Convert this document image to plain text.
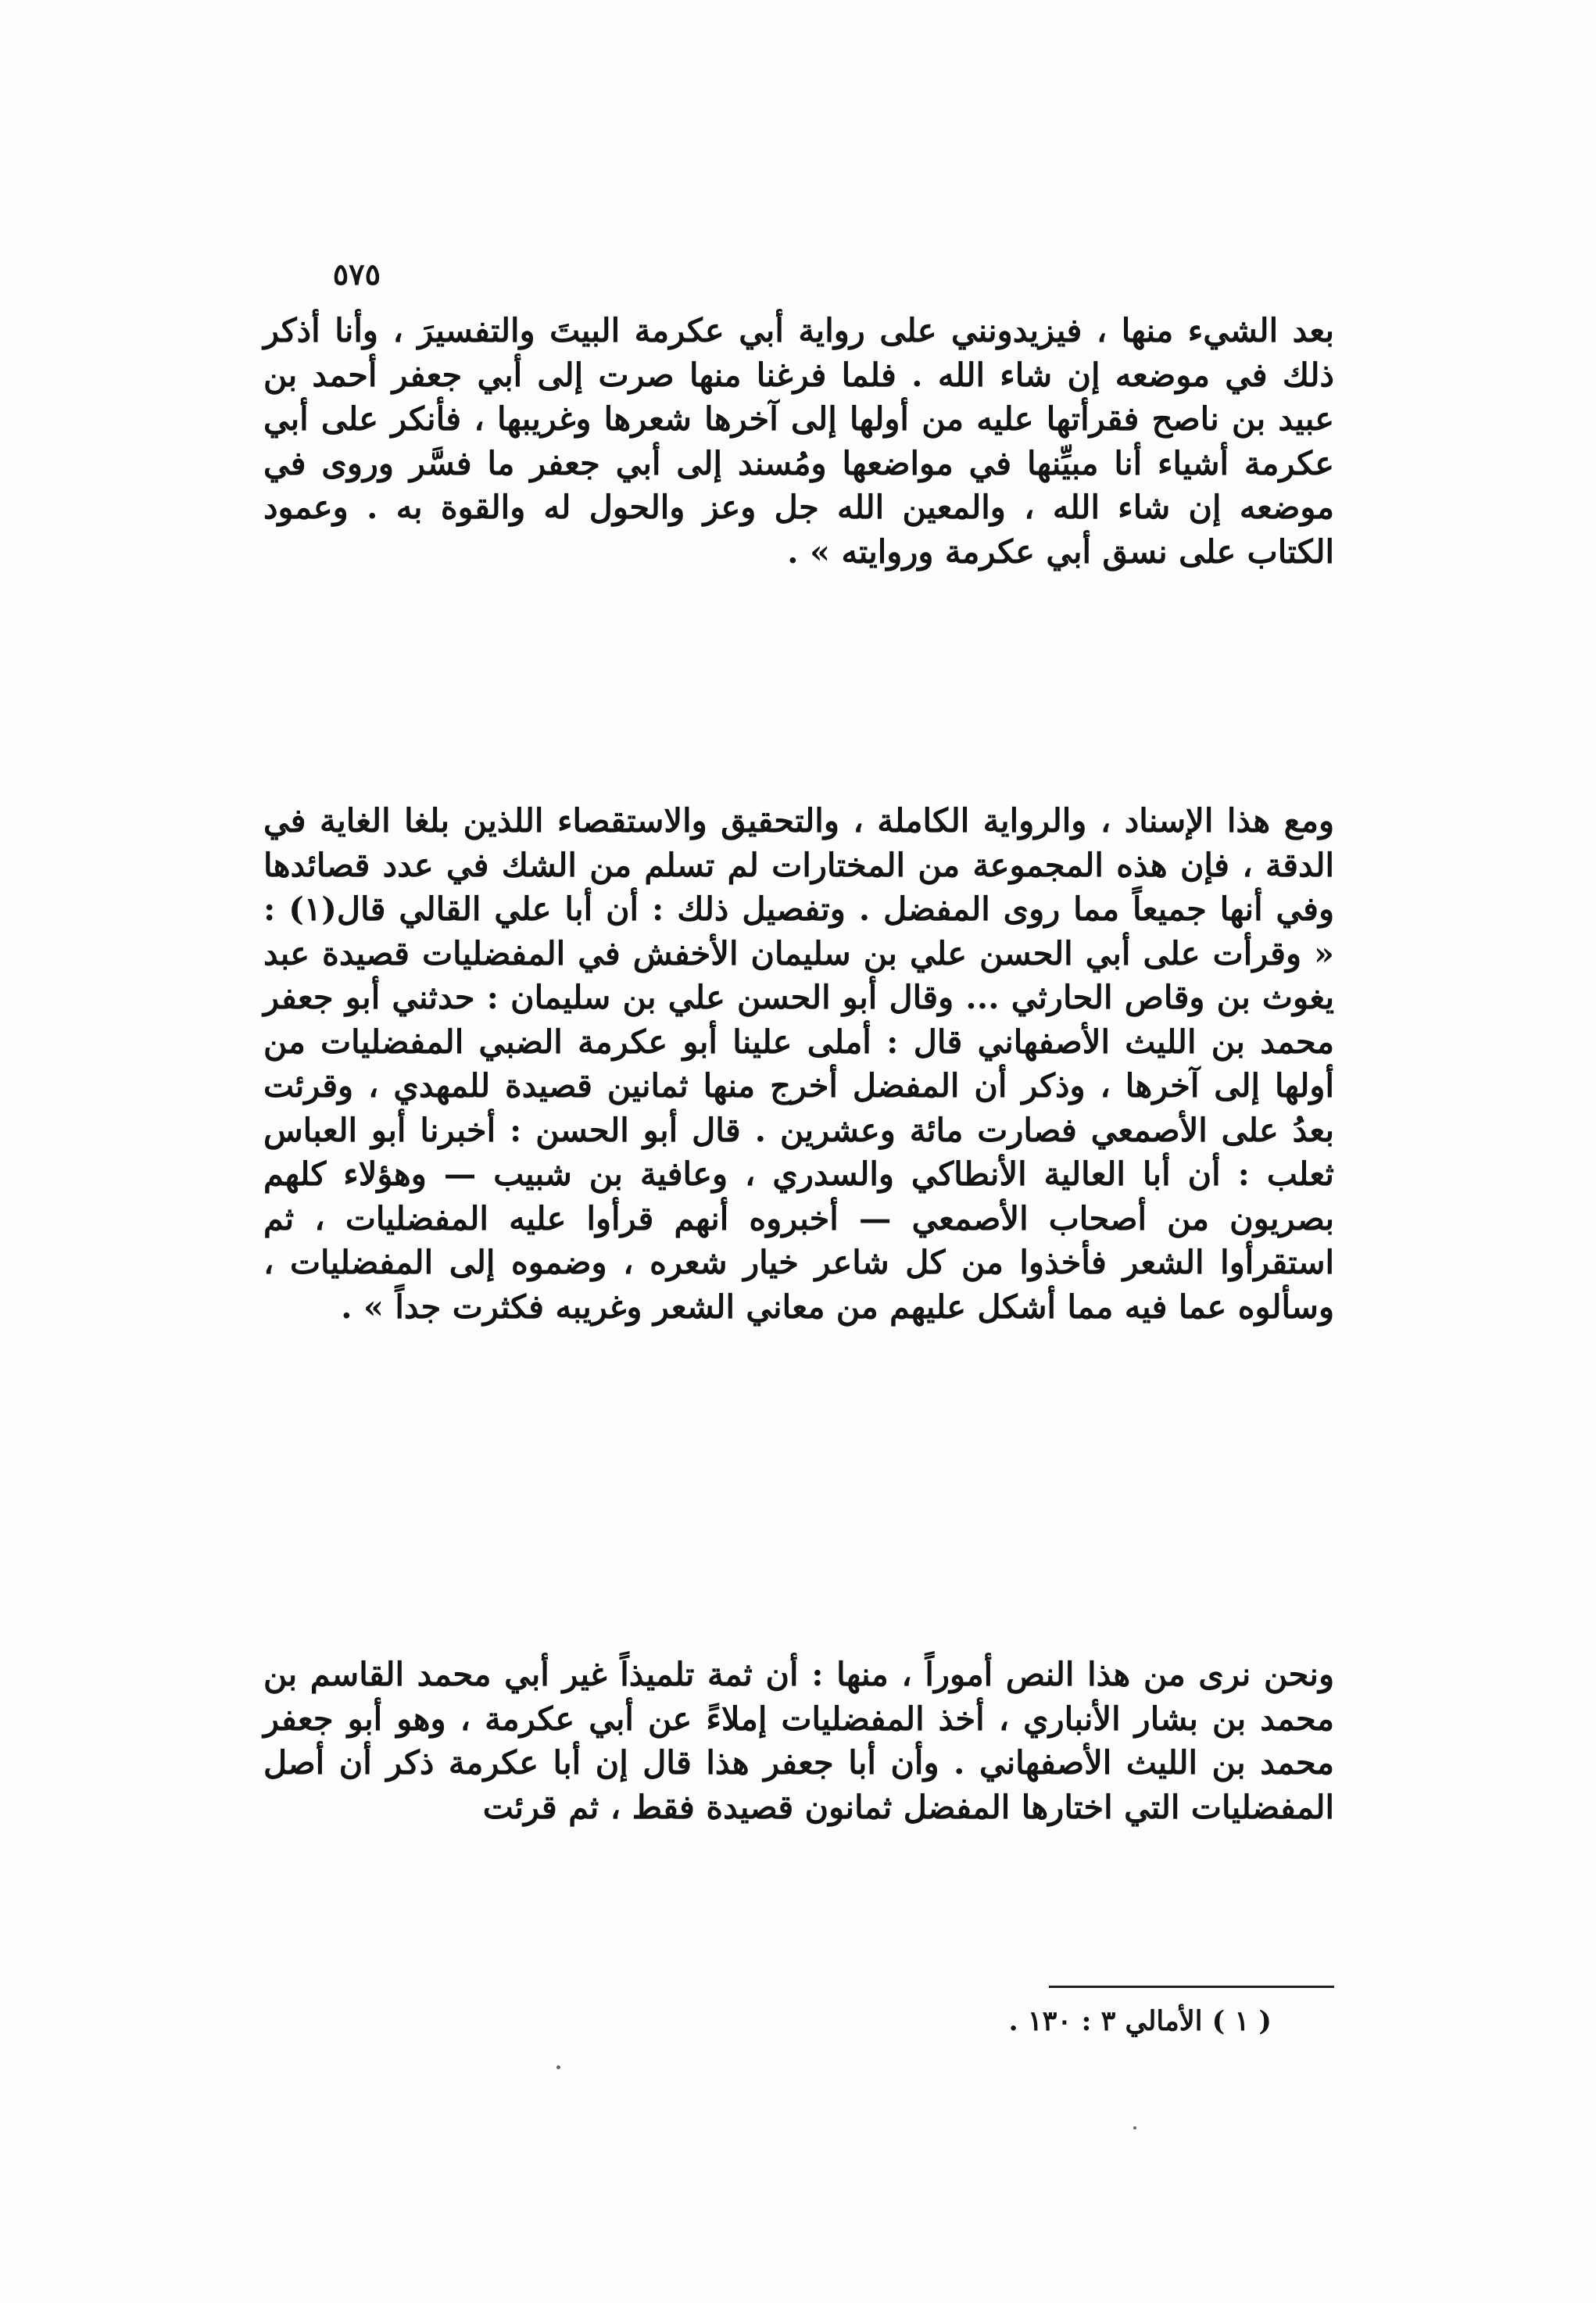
٥٧٥

بعد الشيء منها ، فيزيدونني على رواية أبي عكرمة البيتَ والتفسيرَ ، وأنا أذكر ذلك في موضعه إن شاء الله . فلما فرغنا منها صرت إلى أبي جعفر أحمد بن عبيد بن ناصح فقرأتها عليه من أولها إلى آخرها شعرها وغريبها ، فأنكر على أبي عكرمة أشياء أنا مبيِّنها في مواضعها ومُسند إلى أبي جعفر ما فسَّر وروى في موضعه إن شاء الله ، والمعين الله جل وعز والحول له والقوة به . وعمود الكتاب على نسق أبي عكرمة وروايته » .

ومع هذا الإسناد ، والرواية الكاملة ، والتحقيق والاستقصاء اللذين بلغا الغاية في الدقة ، فإن هذه المجموعة من المختارات لم تسلم من الشك في عدد قصائدها وفي أنها جميعاً مما روى المفضل . وتفصيل ذلك : أن أبا علي القالي قال(١) : « وقرأت على أبي الحسن علي بن سليمان الأخفش في المفضليات قصيدة عبد يغوث بن وقاص الحارثي ... وقال أبو الحسن علي بن سليمان : حدثني أبو جعفر محمد بن الليث الأصفهاني قال : أملى علينا أبو عكرمة الضبي المفضليات من أولها إلى آخرها ، وذكر أن المفضل أخرج منها ثمانين قصيدة للمهدي ، وقرئت بعدُ على الأصمعي فصارت مائة وعشرين . قال أبو الحسن : أخبرنا أبو العباس ثعلب : أن أبا العالية الأنطاكي والسدري ، وعافية بن شبيب — وهؤلاء كلهم بصريون من أصحاب الأصمعي — أخبروه أنهم قرأوا عليه المفضليات ، ثم استقرأوا الشعر فأخذوا من كل شاعر خيار شعره ، وضموه إلى المفضليات ، وسألوه عما فيه مما أشكل عليهم من معاني الشعر وغريبه فكثرت جداً » .

ونحن نرى من هذا النص أموراً ، منها : أن ثمة تلميذاً غير أبي محمد القاسم بن محمد بن بشار الأنباري ، أخذ المفضليات إملاءً عن أبي عكرمة ، وهو أبو جعفر محمد بن الليث الأصفهاني . وأن أبا جعفر هذا قال إن أبا عكرمة ذكر أن أصل المفضليات التي اختارها المفضل ثمانون قصيدة فقط ، ثم قرئت

( ١ ) الأمالي ٣ : ١٣٠ .
